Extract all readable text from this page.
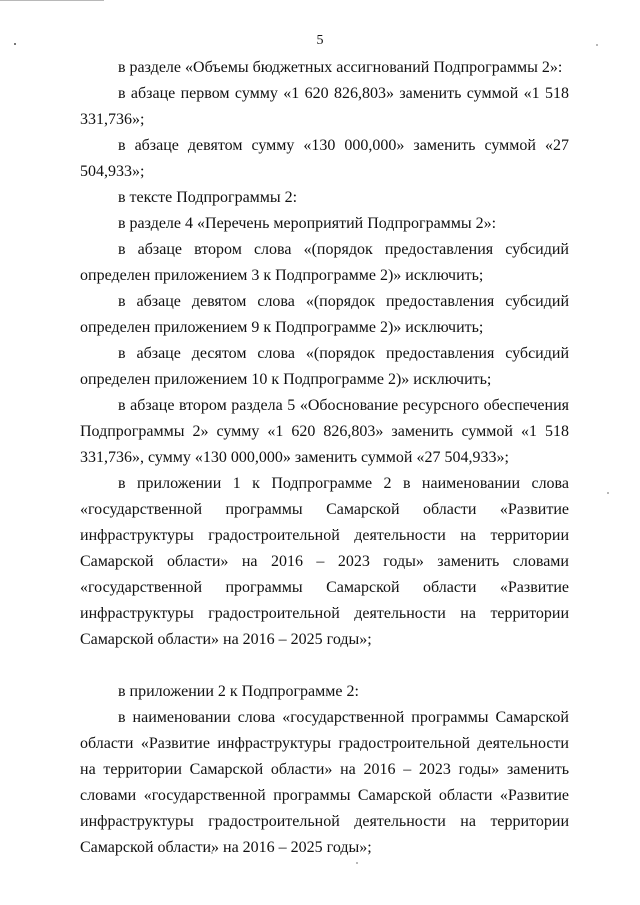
5

в разделе «Объемы бюджетных ассигнований Подпрограммы 2»:

в абзаце первом сумму «1 620 826,803» заменить суммой «1 518 331,736»;

в абзаце девятом сумму «130 000,000» заменить суммой «27 504,933»;

в тексте Подпрограммы 2:

в разделе 4 «Перечень мероприятий Подпрограммы 2»:

в абзаце втором слова «(порядок предоставления субсидий определен приложением 3 к Подпрограмме 2)» исключить;

в абзаце девятом слова «(порядок предоставления субсидий определен приложением 9 к Подпрограмме 2)» исключить;

в абзаце десятом слова «(порядок предоставления субсидий определен приложением 10 к Подпрограмме 2)» исключить;

в абзаце втором раздела 5 «Обоснование ресурсного обеспечения Подпрограммы 2» сумму «1 620 826,803» заменить суммой «1 518 331,736», сумму «130 000,000» заменить суммой «27 504,933»;

в приложении 1 к Подпрограмме 2 в наименовании слова «государственной программы Самарской области «Развитие инфраструктуры градостроительной деятельности на территории Самарской области» на 2016 – 2023 годы» заменить словами «государственной программы Самарской области «Развитие инфраструктуры градостроительной деятельности на территории Самарской области» на 2016 – 2025 годы»;

в приложении 2 к Подпрограмме 2:

в наименовании слова «государственной программы Самарской области «Развитие инфраструктуры градостроительной деятельности на территории Самарской области» на 2016 – 2023 годы» заменить словами «государственной программы Самарской области «Развитие инфраструктуры градостроительной деятельности на территории Самарской области» на 2016 – 2025 годы»;
